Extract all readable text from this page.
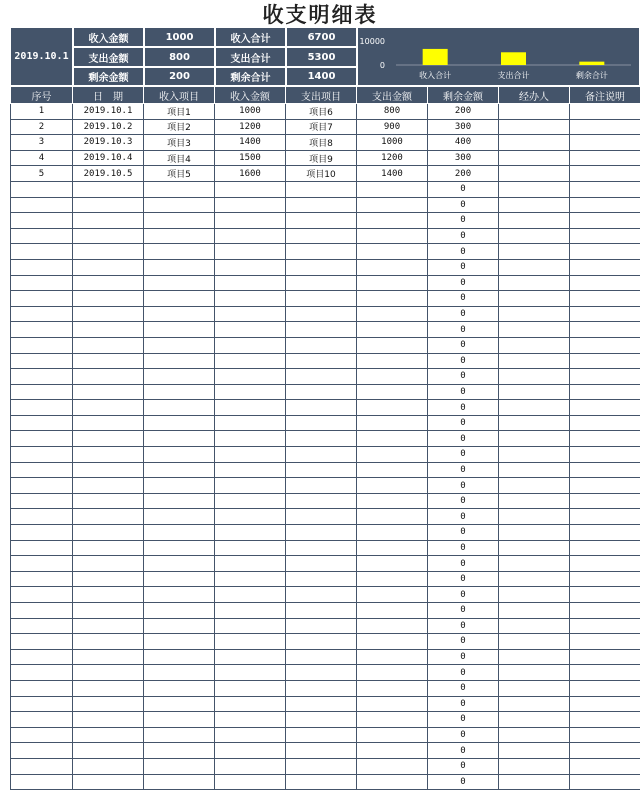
收支明细表
2019.10.1
收入金额	1000	收入合计	6700
支出金额	800	支出合计	5300
剩余金额	200	剩余合计	1400
10000
0
收入合计	支出合计	剩余合计
序号	日　期	收入项目	收入金额	支出项目	支出金额	剩余金额	经办人	备注说明
1	2019.10.1	项目1	1000	项目6	800	200		
2	2019.10.2	项目2	1200	项目7	900	300		
3	2019.10.3	项目3	1400	项目8	1000	400		
4	2019.10.4	项目4	1500	项目9	1200	300		
5	2019.10.5	项目5	1600	项目10	1400	200		
						0		
						0		
						0		
						0		
						0		
						0		
						0		
						0		
						0		
						0		
						0		
						0		
						0		
						0		
						0		
						0		
						0		
						0		
						0		
						0		
						0		
						0		
						0		
						0		
						0		
						0		
						0		
						0		
						0		
						0		
						0		
						0		
						0		
						0		
						0		
						0		
						0		
						0		
						0		
